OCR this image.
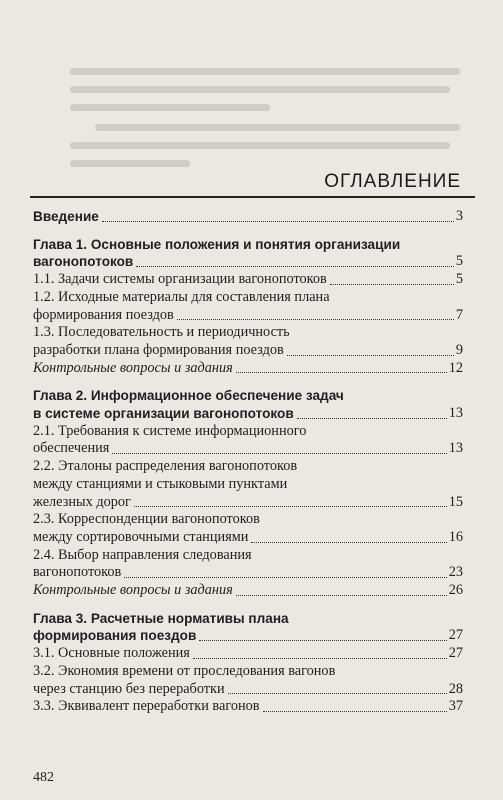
ОГЛАВЛЕНИЕ
Введение	3
Глава 1. Основные положения и понятия организации
вагонопотоков	5
1.1. Задачи системы организации вагонопотоков	5
1.2. Исходные материалы для составления плана
формирования поездов	7
1.3. Последовательность и периодичность
разработки плана формирования поездов	9
Контрольные вопросы и задания	12
Глава 2. Информационное обеспечение задач
в системе организации вагонопотоков	13
2.1. Требования к системе информационного
обеспечения	13
2.2. Эталоны распределения вагонопотоков
между станциями и стыковыми пунктами
железных дорог	15
2.3. Корреспонденции вагонопотоков
между сортировочными станциями	16
2.4. Выбор направления следования
вагонопотоков	23
Контрольные вопросы и задания	26
Глава 3. Расчетные нормативы плана
формирования поездов	27
3.1. Основные положения	27
3.2. Экономия времени от проследования вагонов
через станцию без переработки	28
3.3. Эквивалент переработки вагонов	37
482
